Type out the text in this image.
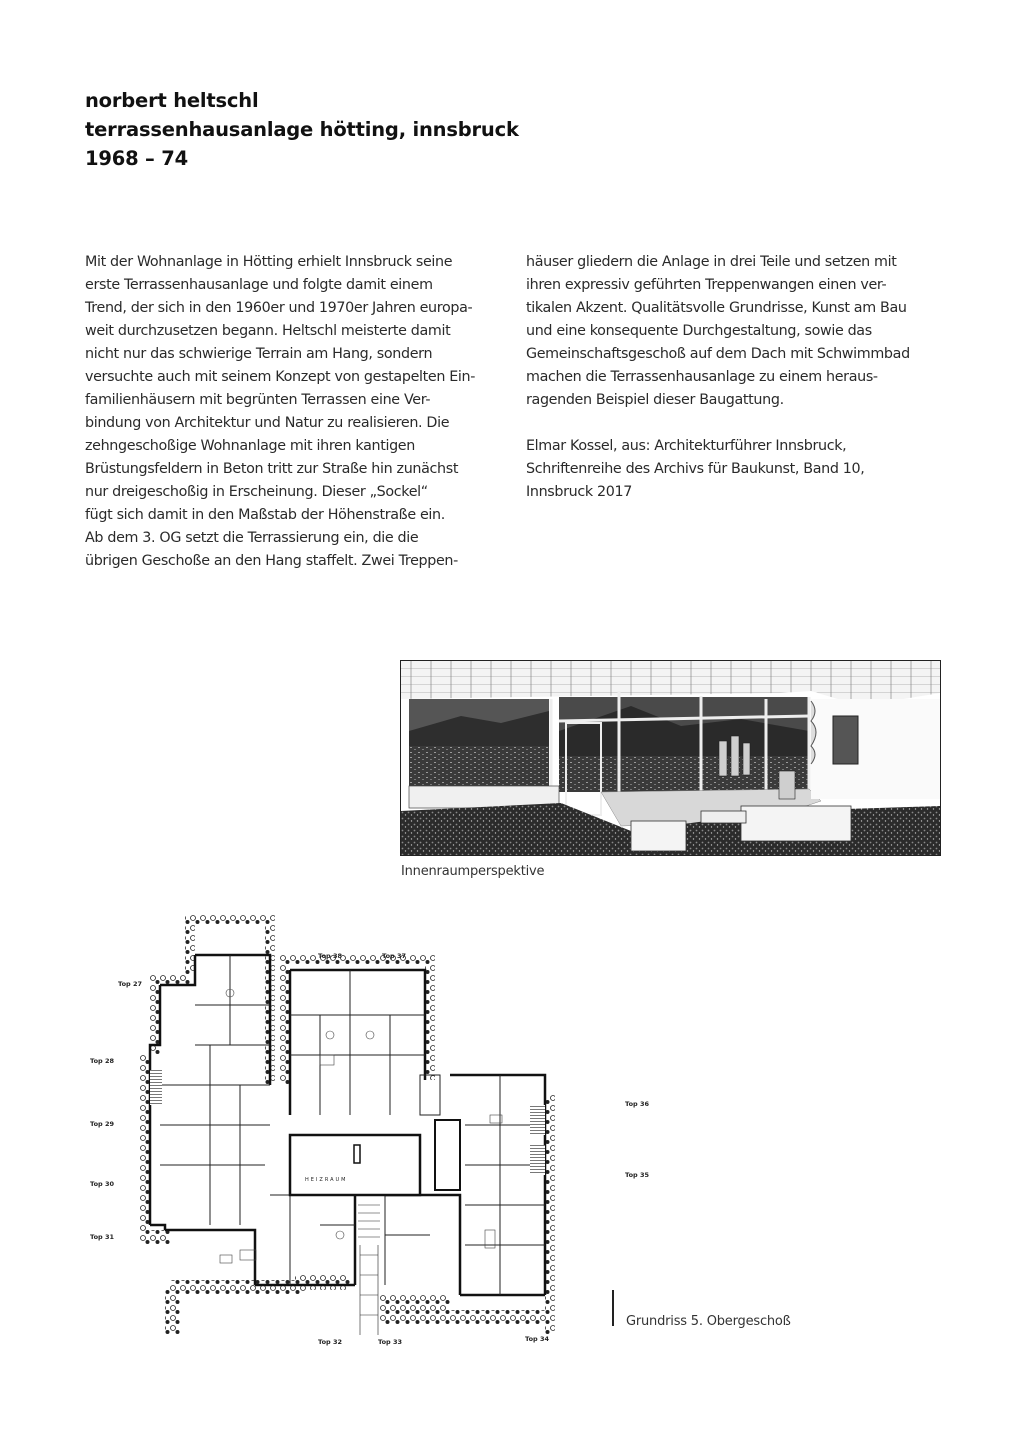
norbert heltschl
terrassenhausanlage hötting, innsbruck
1968 – 74
Mit der Wohnanlage in Hötting erhielt Innsbruck seine
erste Terrassenhausanlage und folgte damit einem
Trend, der sich in den 1960er und 1970er Jahren europa-
weit durchzusetzen begann. Heltschl meisterte damit
nicht nur das schwierige Terrain am Hang, sondern
versuchte auch mit seinem Konzept von gestapelten Ein-
familienhäusern mit begrünten Terrassen eine Ver-
bindung von Architektur und Natur zu realisieren. Die
zehngeschoßige Wohnanlage mit ihren kantigen
Brüstungsfeldern in Beton tritt zur Straße hin zunächst
nur dreigeschoßig in Erscheinung. Dieser „Sockel“
fügt sich damit in den Maßstab der Höhenstraße ein.
Ab dem 3. OG setzt die Terrassierung ein, die die
übrigen Geschoße an den Hang staffelt. Zwei Treppen-
häuser gliedern die Anlage in drei Teile und setzen mit
ihren expressiv geführten Treppenwangen einen ver-
tikalen Akzent. Qualitätsvolle Grundrisse, Kunst am Bau
und eine konsequente Durchgestaltung, sowie das
Gemeinschaftsgeschoß auf dem Dach mit Schwimmbad
machen die Terrassenhausanlage zu einem heraus-
ragenden Beispiel dieser Baugattung.
Elmar Kossel, aus: Architekturführer Innsbruck,
Schriftenreihe des Archivs für Baukunst, Band 10,
Innsbruck 2017
Innenraumperspektive
HEIZRAUM
Top 27
Top 28
Top 29
Top 30
Top 31
Top 38	Top 37
Top 36
Top 35
Top 32	Top 33	Top 34
Grundriss 5. Obergeschoß
